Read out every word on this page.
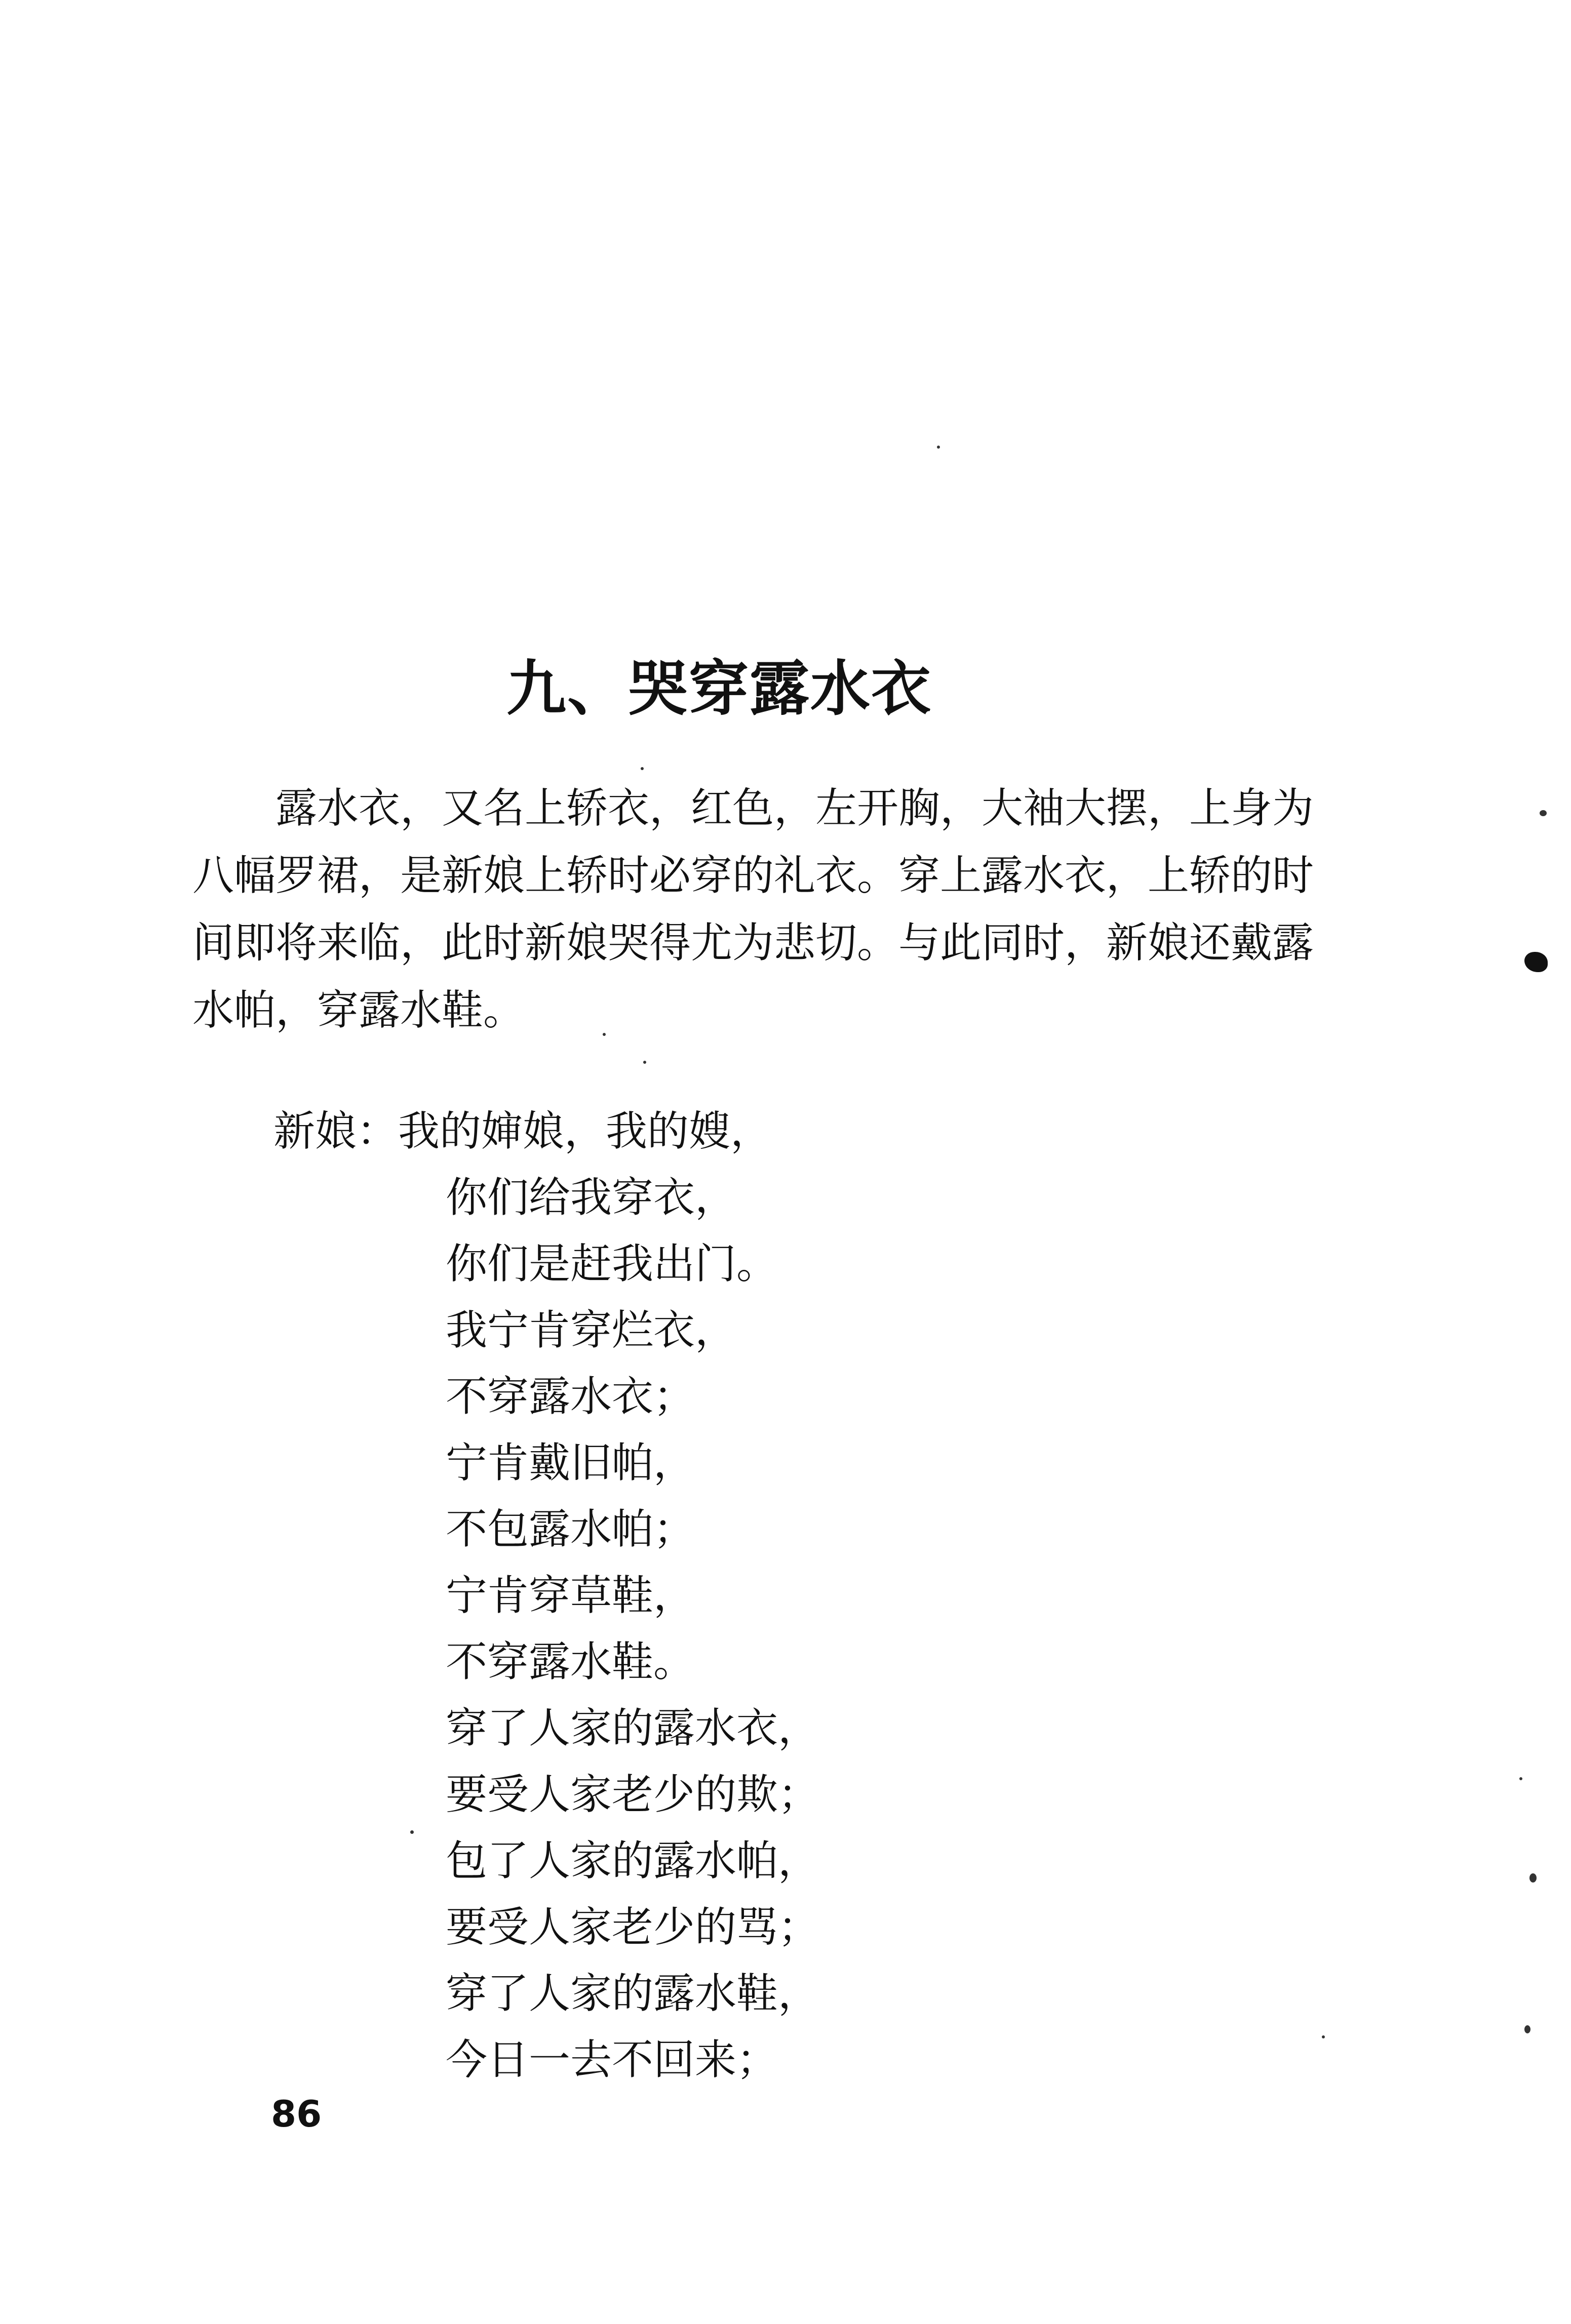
九、哭穿露水衣
露水衣，又名上轿衣，红色，左开胸，大袖大摆，上身为
八幅罗裙，是新娘上轿时必穿的礼衣。穿上露水衣，上轿的时
间即将来临，此时新娘哭得尤为悲切。与此同时，新娘还戴露
水帕，穿露水鞋。
新娘：我的婶娘，我的嫂，
你们给我穿衣，
你们是赶我出门。
我宁肯穿烂衣，
不穿露水衣；
宁肯戴旧帕，
不包露水帕；
宁肯穿草鞋，
不穿露水鞋。
穿了人家的露水衣，
要受人家老少的欺；
包了人家的露水帕，
要受人家老少的骂；
穿了人家的露水鞋，
今日一去不回来；
86
